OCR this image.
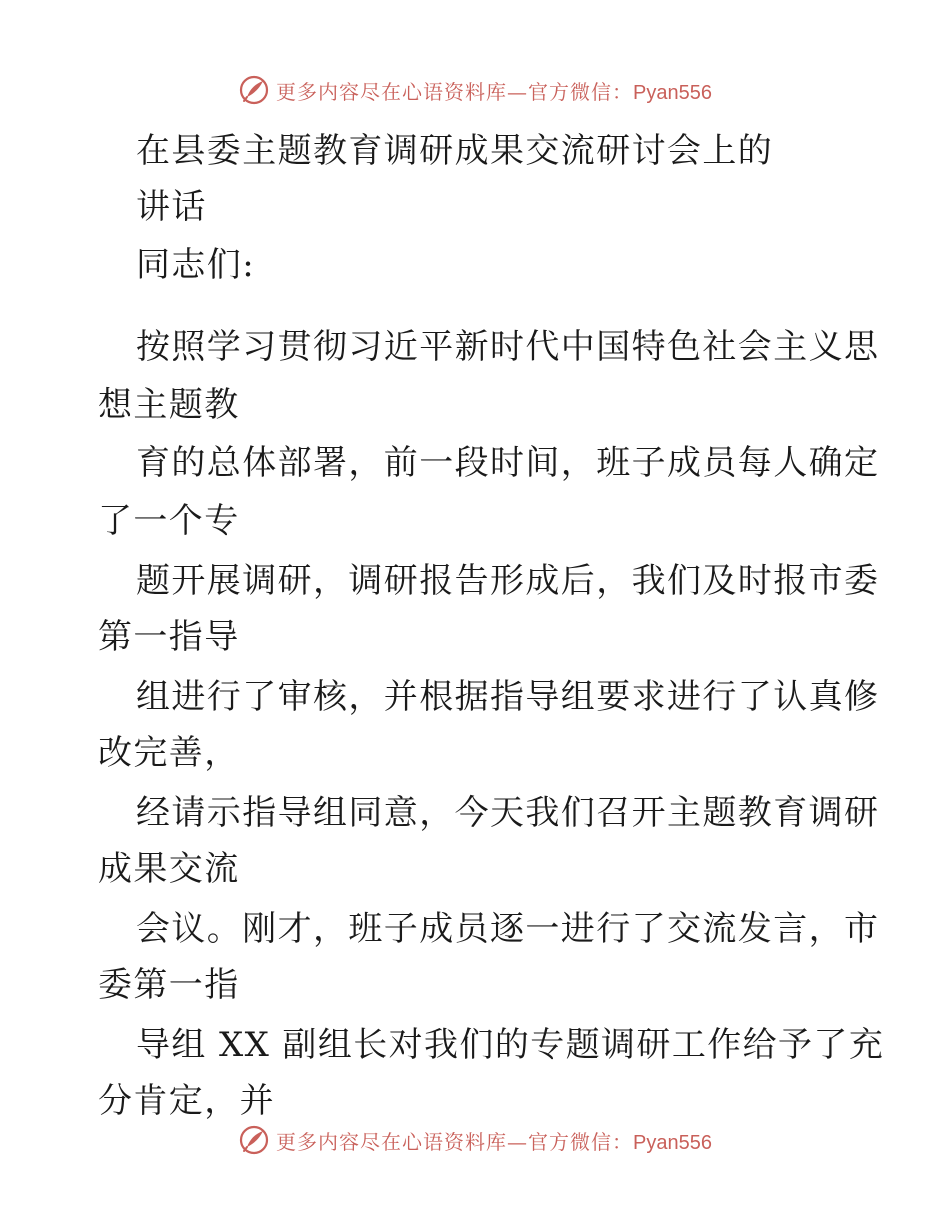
更多内容尽在心语资料库—官方微信：Pyan556
在县委主题教育调研成果交流研讨会上的
讲话
同志们:
按照学习贯彻习近平新时代中国特色社会主义思
想主题教
育的总体部署，前一段时间，班子成员每人确定
了一个专
题开展调研，调研报告形成后，我们及时报市委
第一指导
组进行了审核，并根据指导组要求进行了认真修
改完善，
经请示指导组同意，今天我们召开主题教育调研
成果交流
会议。刚才，班子成员逐一进行了交流发言，市
委第一指
导组 XX 副组长对我们的专题调研工作给予了充
分肯定，并
更多内容尽在心语资料库—官方微信：Pyan556
